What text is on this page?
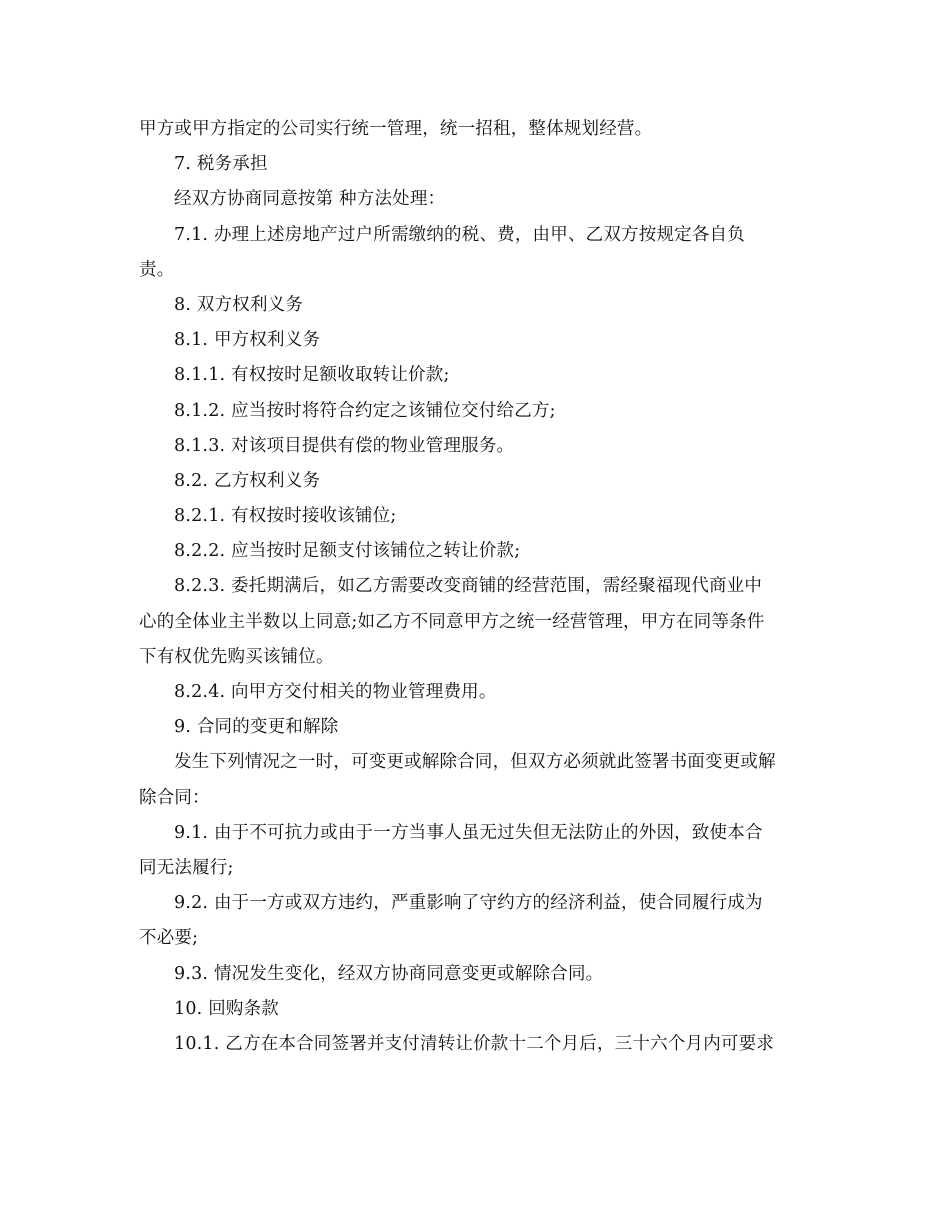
甲方或甲方指定的公司实行统一管理，统一招租，整体规划经营。
7. 税务承担
经双方协商同意按第 种方法处理：
7.1. 办理上述房地产过户所需缴纳的税、费，由甲、乙双方按规定各自负
责。
8. 双方权利义务
8.1. 甲方权利义务
8.1.1. 有权按时足额收取转让价款;
8.1.2. 应当按时将符合约定之该铺位交付给乙方;
8.1.3. 对该项目提供有偿的物业管理服务。
8.2. 乙方权利义务
8.2.1. 有权按时接收该铺位;
8.2.2. 应当按时足额支付该铺位之转让价款;
8.2.3. 委托期满后，如乙方需要改变商铺的经营范围，需经聚福现代商业中
心的全体业主半数以上同意;如乙方不同意甲方之统一经营管理，甲方在同等条件
下有权优先购买该铺位。
8.2.4. 向甲方交付相关的物业管理费用。
9. 合同的变更和解除
发生下列情况之一时，可变更或解除合同，但双方必须就此签署书面变更或解
除合同：
9.1. 由于不可抗力或由于一方当事人虽无过失但无法防止的外因，致使本合
同无法履行;
9.2. 由于一方或双方违约，严重影响了守约方的经济利益，使合同履行成为
不必要;
9.3. 情况发生变化，经双方协商同意变更或解除合同。
10. 回购条款
10.1. 乙方在本合同签署并支付清转让价款十二个月后，三十六个月内可要求
